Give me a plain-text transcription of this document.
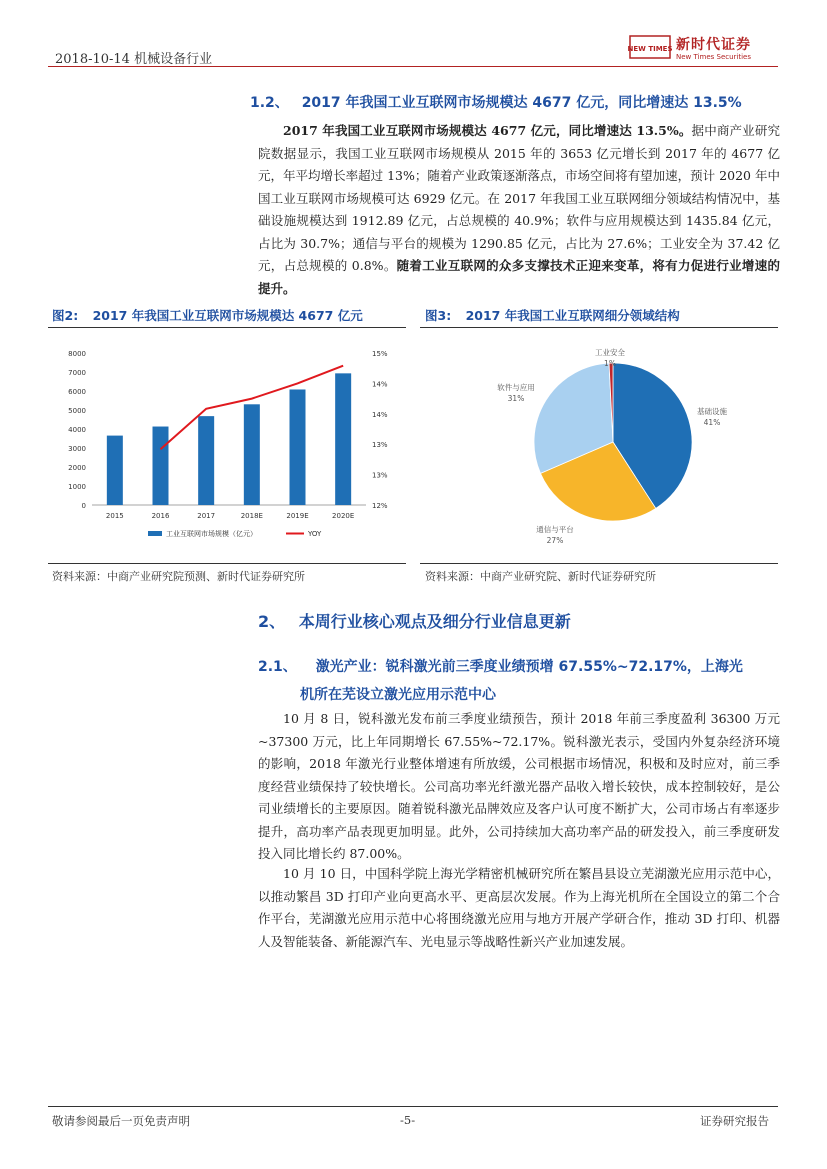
2018-10-14 机械设备行业
NEW TIMES 新时代证券
New Times Securities
1.2、 2017 年我国工业互联网市场规模达 4677 亿元，同比增速达 13.5%
2017 年我国工业互联网市场规模达 4677 亿元，同比增速达 13.5%。据中商产业研究院数据显示，我国工业互联网市场规模从 2015 年的 3653 亿元增长到 2017 年的 4677 亿元，年平均增长率超过 13%；随着产业政策逐渐落点，市场空间将有望加速，预计 2020 年中国工业互联网市场规模可达 6929 亿元。在 2017 年我国工业互联网细分领域结构情况中，基础设施规模达到 1912.89 亿元，占总规模的 40.9%；软件与应用规模达到 1435.84 亿元，占比为 30.7%；通信与平台的规模为 1290.85 亿元，占比为 27.6%；工业安全为 37.42 亿元，占总规模的 0.8%。随着工业互联网的众多支撑技术正迎来变革，将有力促进行业增速的提升。
图2: 2017 年我国工业互联网市场规模达 4677 亿元	图3: 2017 年我国工业互联网细分领域结构
0
1000
2000
3000
4000
5000
6000
7000
8000
12%
13%
13%
14%
14%
15%
2015	2016	2017	2018E	2019E	2020E
工业互联网市场规模（亿元）	YOY
基础设施
41%
通信与平台
27%
软件与应用
31%
工业安全
1%
资料来源：中商产业研究院预测、新时代证券研究所	资料来源：中商产业研究院、新时代证券研究所
2、 本周行业核心观点及细分行业信息更新
2.1、 激光产业：锐科激光前三季度业绩预增 67.55%~72.17%，上海光
机所在芜设立激光应用示范中心
10 月 8 日，锐科激光发布前三季度业绩预告，预计 2018 年前三季度盈利 36300 万元~37300 万元，比上年同期增长 67.55%~72.17%。锐科激光表示，受国内外复杂经济环境的影响，2018 年激光行业整体增速有所放缓，公司根据市场情况，积极和及时应对，前三季度经营业绩保持了较快增长。公司高功率光纤激光器产品收入增长较快，成本控制较好，是公司业绩增长的主要原因。随着锐科激光品牌效应及客户认可度不断扩大，公司市场占有率逐步提升，高功率产品表现更加明显。此外，公司持续加大高功率产品的研发投入，前三季度研发投入同比增长约 87.00%。
10 月 10 日，中国科学院上海光学精密机械研究所在繁昌县设立芜湖激光应用示范中心，以推动繁昌 3D 打印产业向更高水平、更高层次发展。作为上海光机所在全国设立的第二个合作平台，芜湖激光应用示范中心将围绕激光应用与地方开展产学研合作，推动 3D 打印、机器人及智能装备、新能源汽车、光电显示等战略性新兴产业加速发展。
敬请参阅最后一页免责声明	-5-	证券研究报告
